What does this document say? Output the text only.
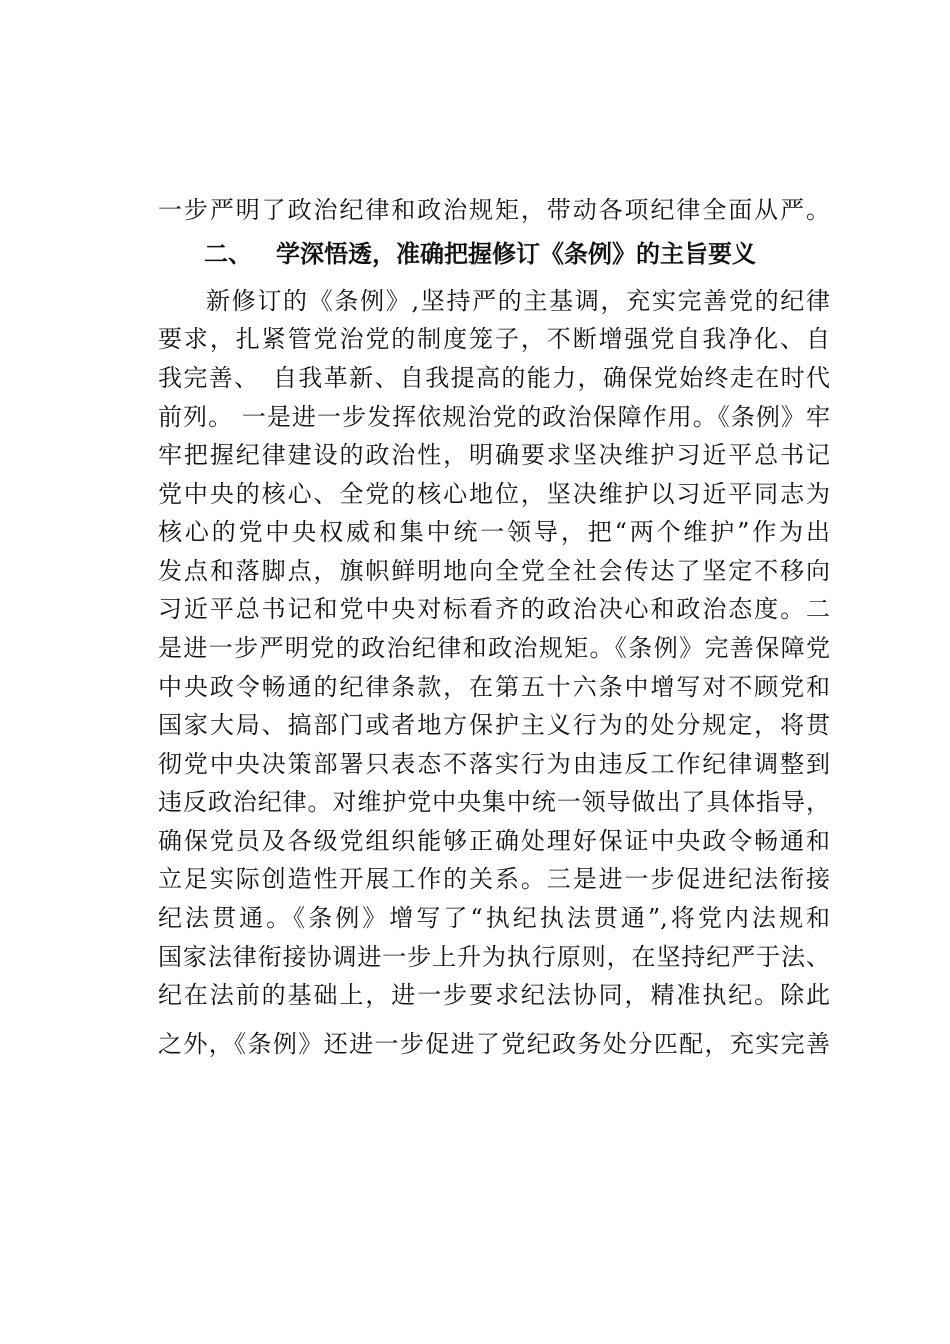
一步严明了政治纪律和政治规矩，带动各项纪律全面从严。
二、 学深悟透，准确把握修订《条例》的主旨要义
新修订的《条例》,坚持严的主基调，充实完善党的纪律
要求，扎紧管党治党的制度笼子，不断增强党自我净化、自
我完善、　自我革新、自我提高的能力，确保党始终走在时代
前列。 一是进一步发挥依规治党的政治保障作用。《条例》牢
牢把握纪律建设的政治性，明确要求坚决维护习近平总书记
党中央的核心、全党的核心地位，坚决维护以习近平同志为
核心的党中央权威和集中统一领导，把“两个维护”作为出
发点和落脚点，旗帜鲜明地向全党全社会传达了坚定不移向
习近平总书记和党中央对标看齐的政治决心和政治态度。二
是进一步严明党的政治纪律和政治规矩。《条例》完善保障党
中央政令畅通的纪律条款，在第五十六条中增写对不顾党和
国家大局、搞部门或者地方保护主义行为的处分规定，将贯
彻党中央决策部署只表态不落实行为由违反工作纪律调整到
违反政治纪律。对维护党中央集中统一领导做出了具体指导，
确保党员及各级党组织能够正确处理好保证中央政令畅通和
立足实际创造性开展工作的关系。三是进一步促进纪法衔接
纪法贯通。《条例》增写了“执纪执法贯通”,将党内法规和
国家法律衔接协调进一步上升为执行原则，在坚持纪严于法、
纪在法前的基础上，进一步要求纪法协同，精准执纪。除此
之外，《条例》还进一步促进了党纪政务处分匹配，充实完善
